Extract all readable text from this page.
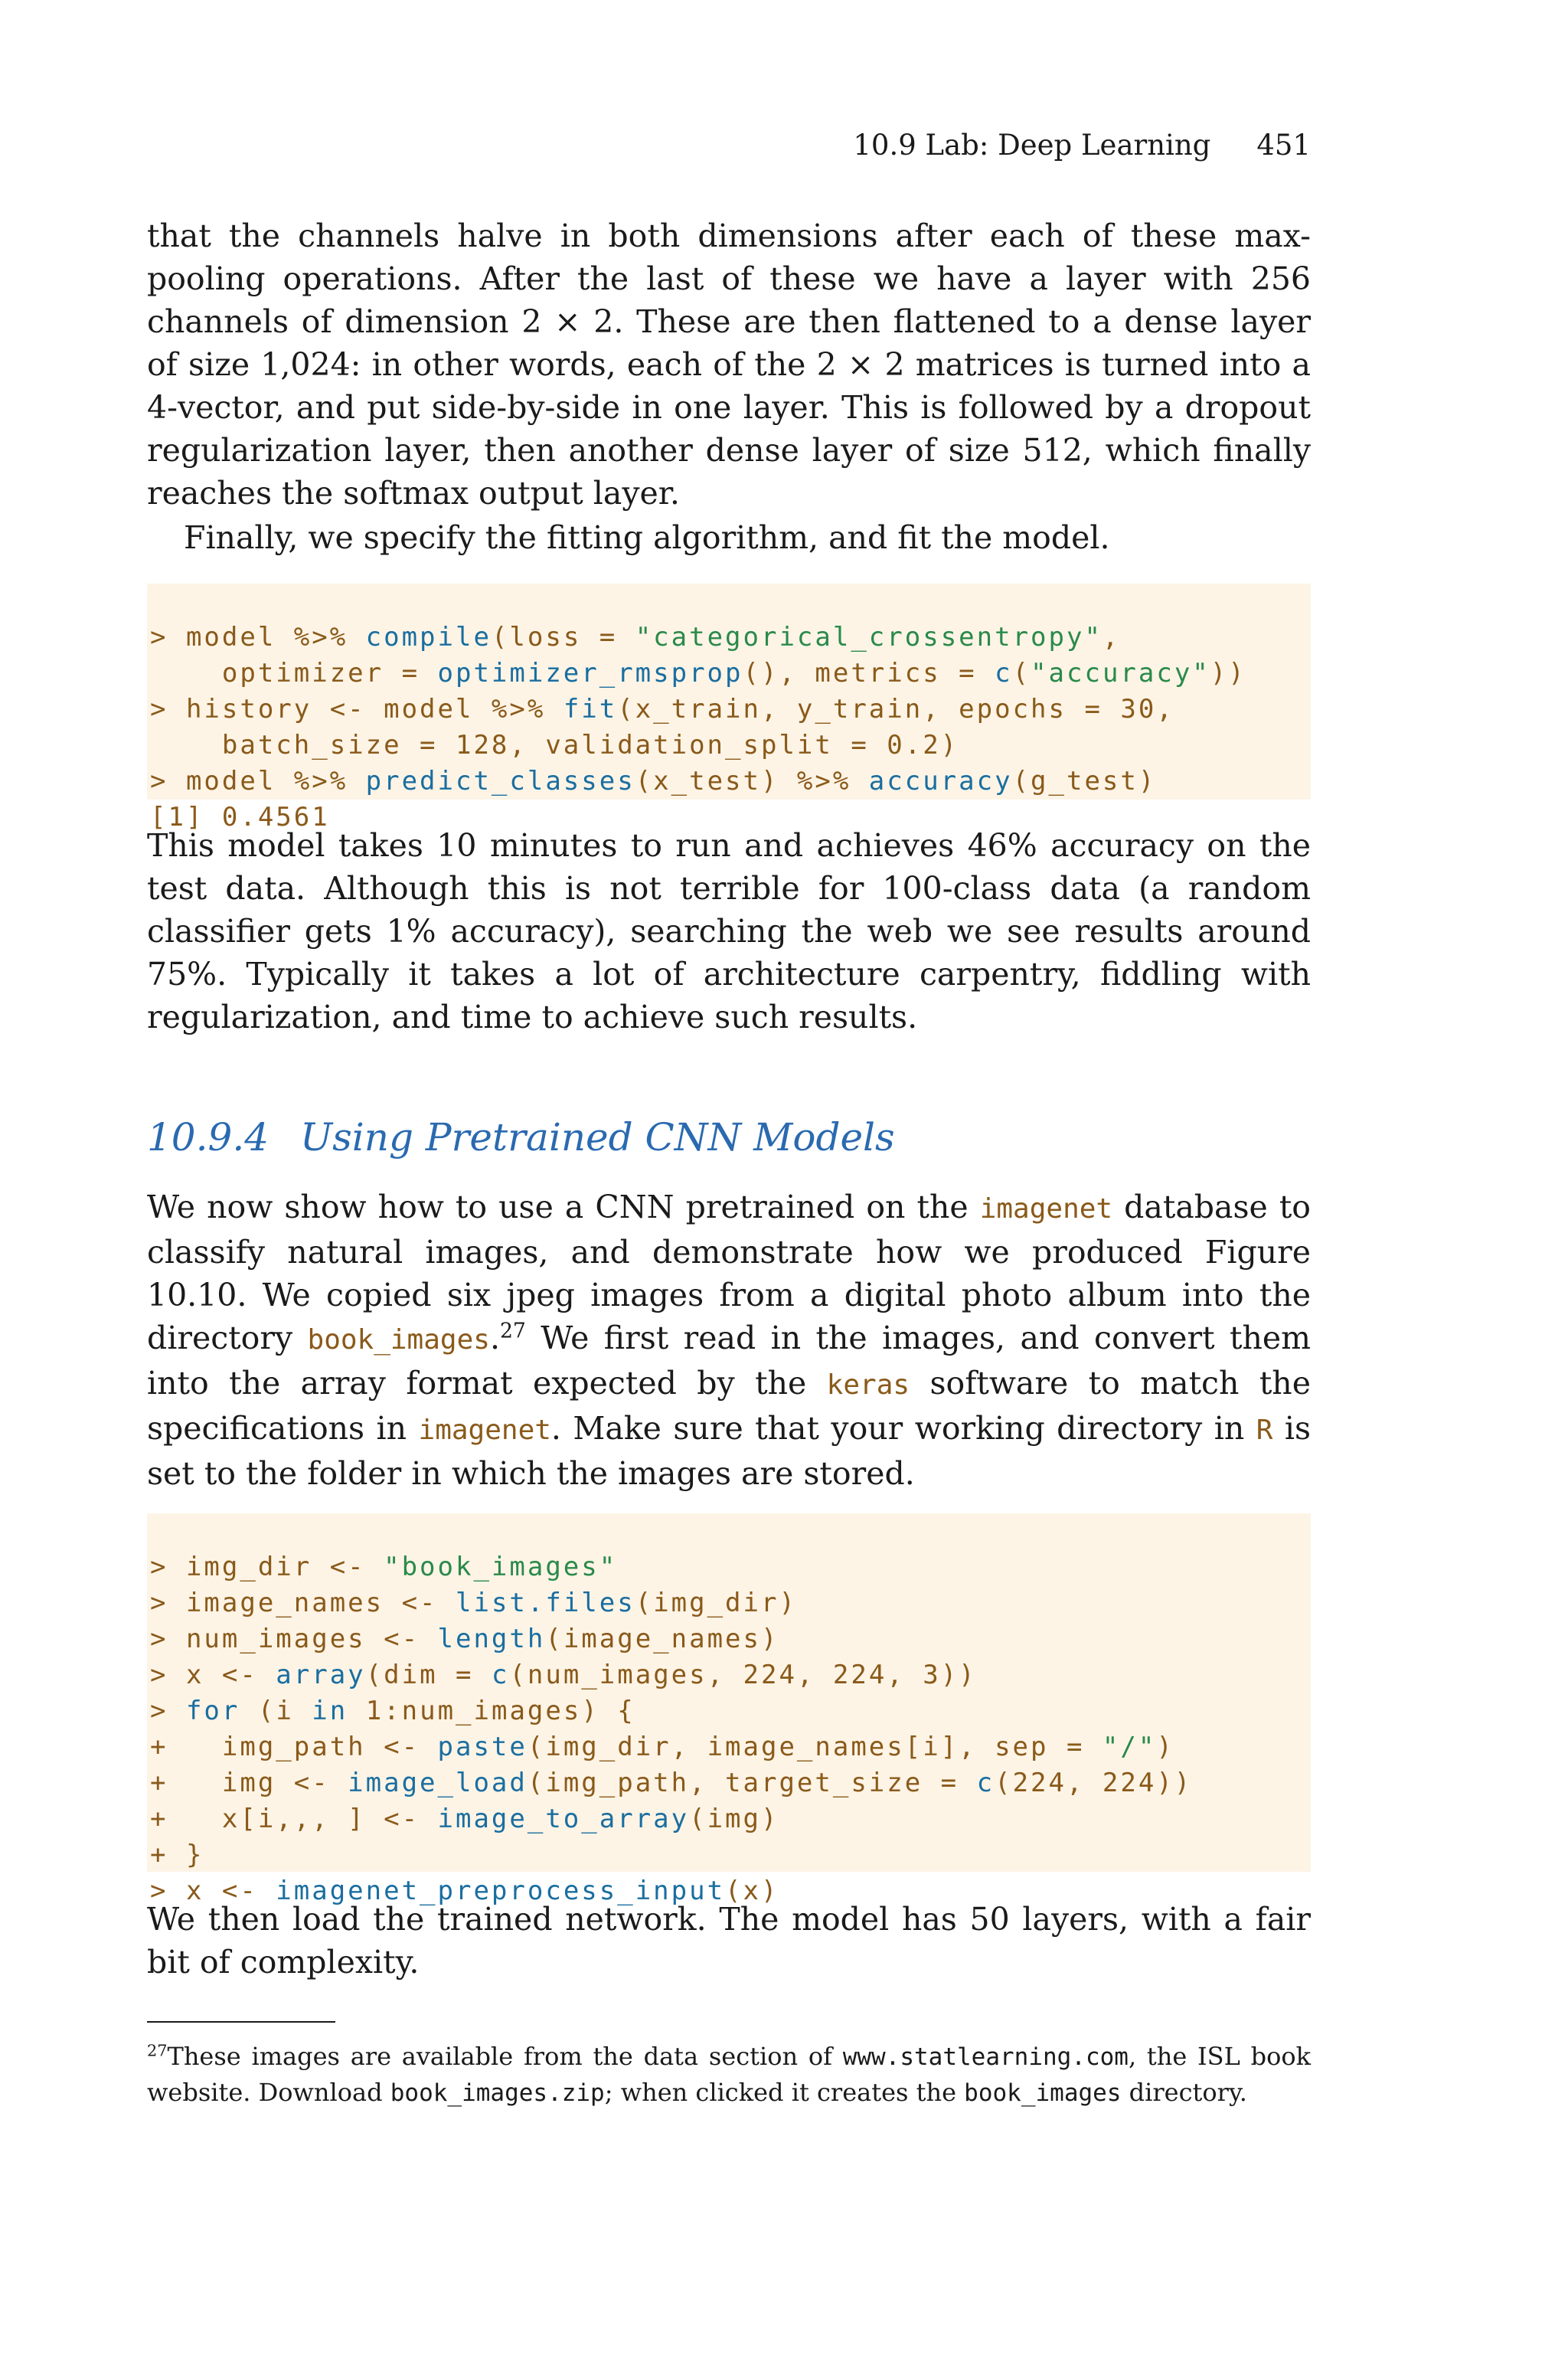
10.9 Lab: Deep Learning 451

that the channels halve in both dimensions after each of these max-pooling operations. After the last of these we have a layer with 256 channels of dimension 2 × 2. These are then flattened to a dense layer of size 1,024: in other words, each of the 2 × 2 matrices is turned into a 4-vector, and put side-by-side in one layer. This is followed by a dropout regularization layer, then another dense layer of size 512, which finally reaches the softmax output layer.

Finally, we specify the fitting algorithm, and fit the model.

> model %>% compile(loss = "categorical_crossentropy",
optimizer = optimizer_rmsprop(), metrics = c("accuracy"))
> history <- model %>% fit(x_train, y_train, epochs = 30,
batch_size = 128, validation_split = 0.2)
> model %>% predict_classes(x_test) %>% accuracy(g_test)
[1] 0.4561

This model takes 10 minutes to run and achieves 46% accuracy on the test data. Although this is not terrible for 100-class data (a random classifier gets 1% accuracy), searching the web we see results around 75%. Typically it takes a lot of architecture carpentry, fiddling with regularization, and time to achieve such results.

10.9.4 Using Pretrained CNN Models

We now show how to use a CNN pretrained on the imagenet database to classify natural images, and demonstrate how we produced Figure 10.10. We copied six jpeg images from a digital photo album into the directory book_images.$^{27}$ We first read in the images, and convert them into the array format expected by the keras software to match the specifications in imagenet. Make sure that your working directory in R is set to the folder in which the images are stored.

> img_dir <- "book_images"
> image_names <- list.files(img_dir)
> num_images <- length(image_names)
> x <- array(dim = c(num_images, 224, 224, 3))
> for (i in 1:num_images) {
+   img_path <- paste(img_dir, image_names[i], sep = "/")
+   img <- image_load(img_path, target_size = c(224, 224))
+   x[i,,, ] <- image_to_array(img)
+ }
> x <- imagenet_preprocess_input(x)

We then load the trained network. The model has 50 layers, with a fair bit of complexity.

$^{27}$These images are available from the data section of www.statlearning.com, the ISL book website. Download book_images.zip; when clicked it creates the book_images directory.
